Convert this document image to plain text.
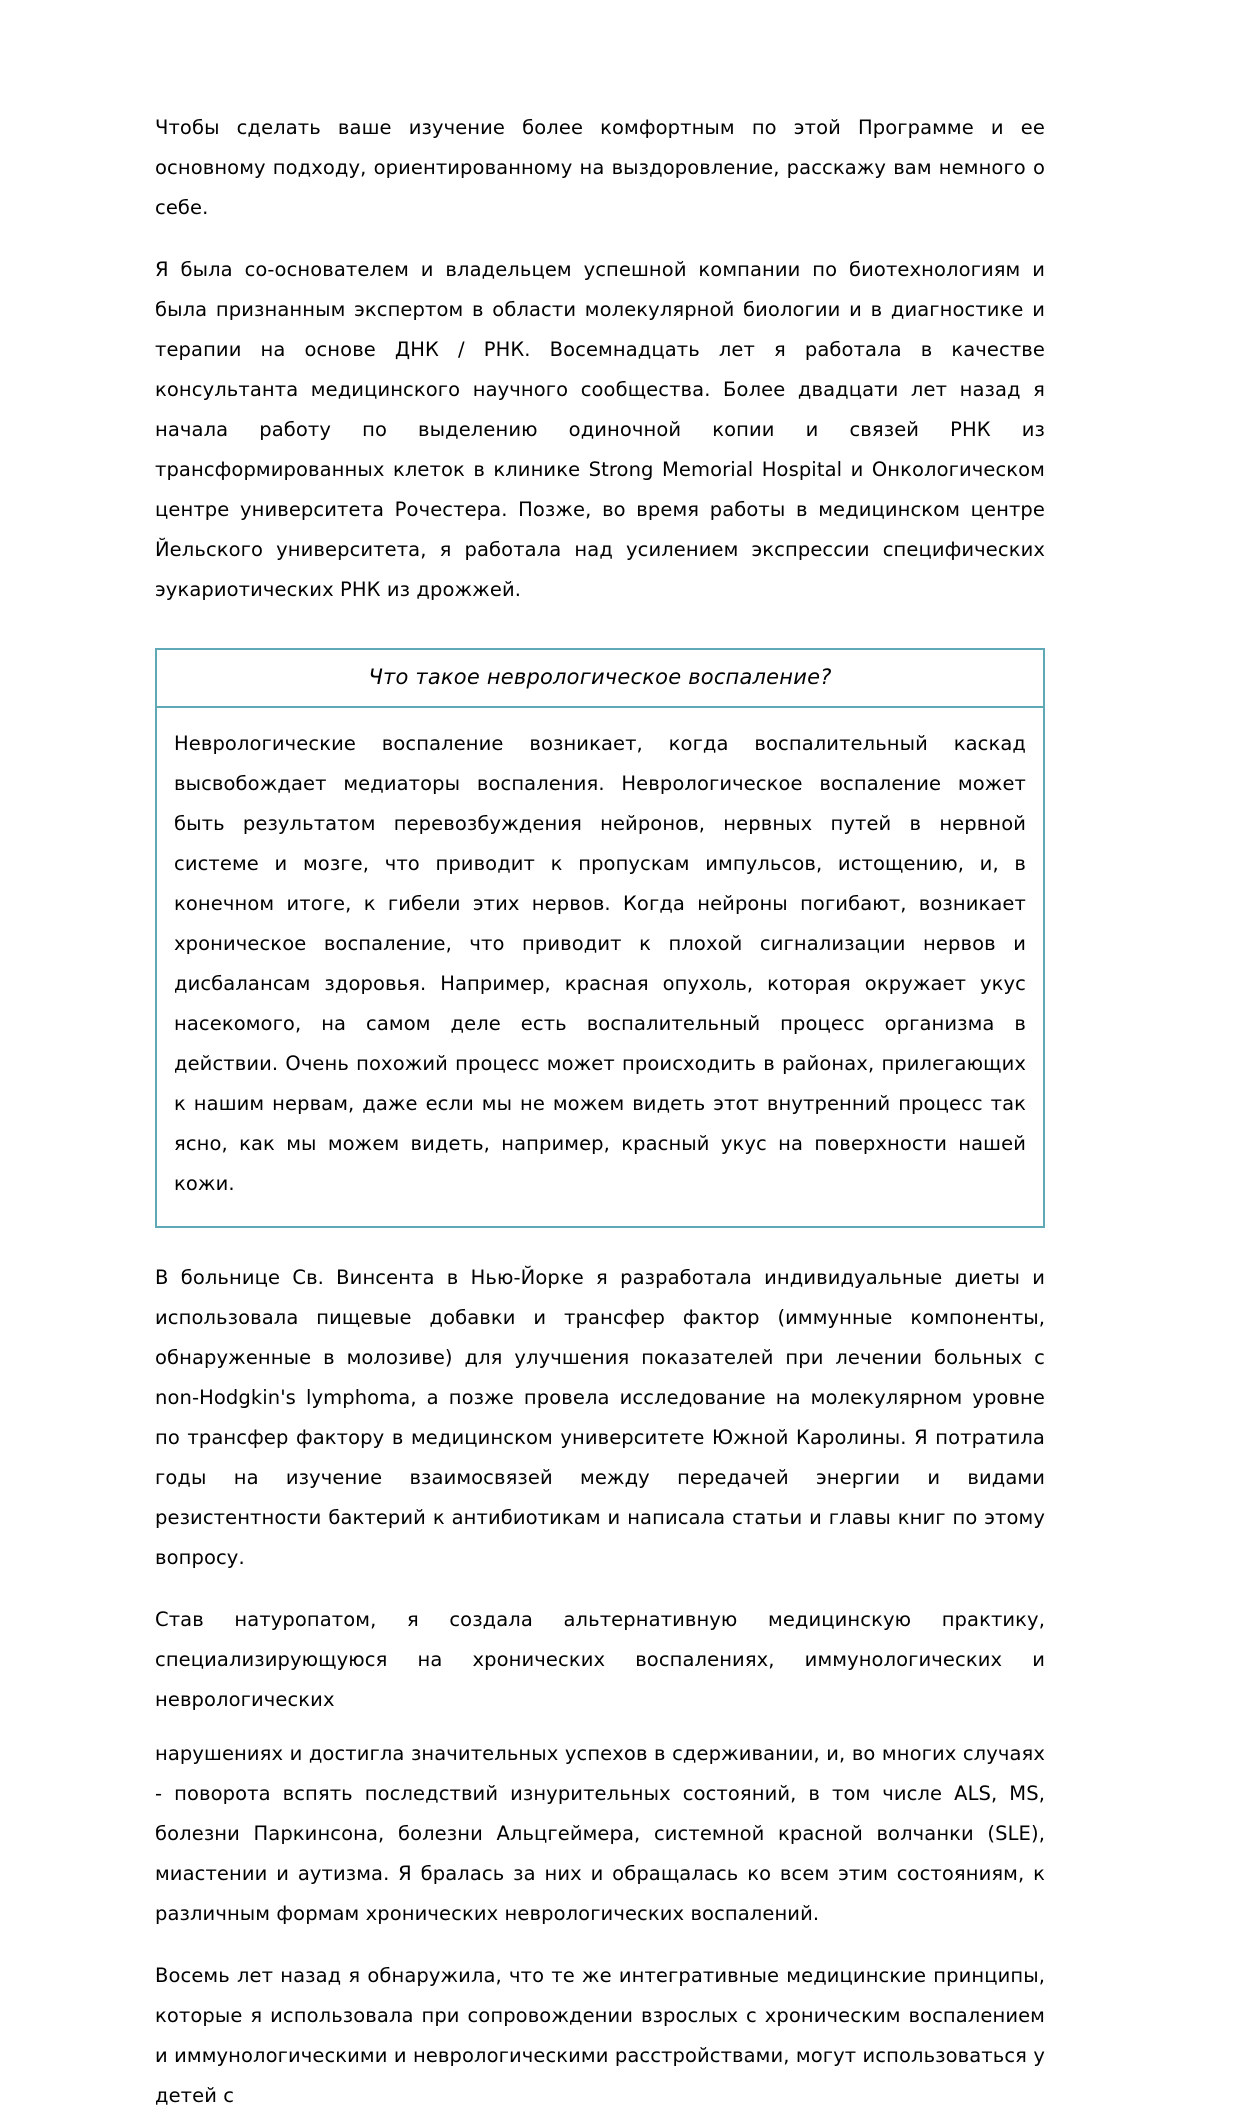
Чтобы сделать ваше изучение более комфортным по этой Программе и ее основному подходу, ориентированному на выздоровление, расскажу вам немного о себе.

Я была со-основателем и владельцем успешной компании по биотехнологиям и была признанным экспертом в области молекулярной биологии и в диагностике и терапии на основе ДНК / РНК. Восемнадцать лет я работала в качестве консультанта медицинского научного сообщества. Более двадцати лет назад я начала работу по выделению одиночной копии и связей РНК из трансформированных клеток в клинике Strong Memorial Hospital и Онкологическом центре университета Рочестера. Позже, во время работы в медицинском центре Йельского университета, я работала над усилением экспрессии специфических эукариотических РНК из дрожжей.

Что такое неврологическое воспаление?

Неврологические воспаление возникает, когда воспалительный каскад высвобождает медиаторы воспаления. Неврологическое воспаление может быть результатом перевозбуждения нейронов, нервных путей в нервной системе и мозге, что приводит к пропускам импульсов, истощению, и, в конечном итоге, к гибели этих нервов. Когда нейроны погибают, возникает хроническое воспаление, что приводит к плохой сигнализации нервов и дисбалансам здоровья. Например, красная опухоль, которая окружает укус насекомого, на самом деле есть воспалительный процесс организма в действии. Очень похожий процесс может происходить в районах, прилегающих к нашим нервам, даже если мы не можем видеть этот внутренний процесс так ясно, как мы можем видеть, например, красный укус на поверхности нашей кожи.

В больнице Св. Винсента в Нью-Йорке я разработала индивидуальные диеты и использовала пищевые добавки и трансфер фактор (иммунные компоненты, обнаруженные в молозиве) для улучшения показателей при лечении больных с non-Hodgkin's lymphoma, а позже провела исследование на молекулярном уровне по трансфер фактору в медицинском университете Южной Каролины. Я потратила годы на изучение взаимосвязей между передачей энергии и видами резистентности бактерий к антибиотикам и написала статьи и главы книг по этому вопросу.

Став натуропатом, я создала альтернативную медицинскую практику, специализирующуюся на хронических воспалениях, иммунологических и неврологических

нарушениях и достигла значительных успехов в сдерживании, и, во многих случаях - поворота вспять последствий изнурительных состояний, в том числе ALS, MS, болезни Паркинсона, болезни Альцгеймера, системной красной волчанки (SLE), миастении и аутизма. Я бралась за них и обращалась ко всем этим состояниям, к различным формам хронических неврологических воспалений.

Восемь лет назад я обнаружила, что те же интегративные медицинские принципы, которые я использовала при сопровождении взрослых с хроническим воспалением и иммунологическими и неврологическими расстройствами, могут использоваться у детей с
